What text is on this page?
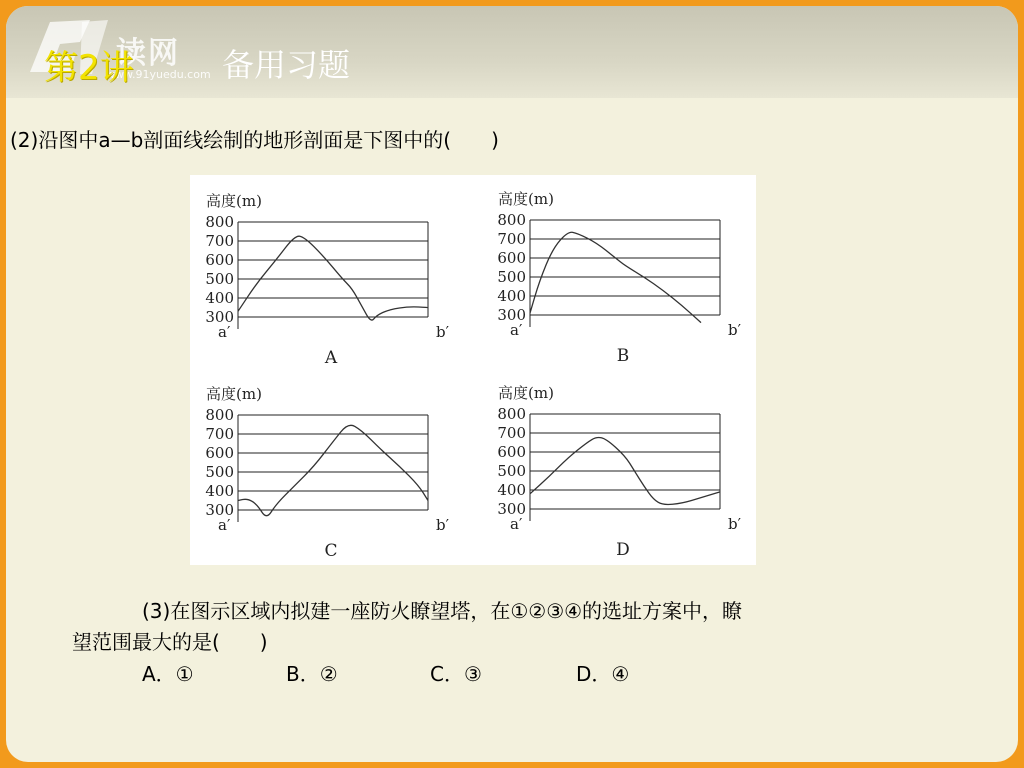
读网
www.91yuedu.com
第2讲	备用习题
(2)沿图中a—b剖面线绘制的地形剖面是下图中的(　　)
高度(m)
300
400
500
600
700
800
a′	b′
A
高度(m)
300
400
500
600
700
800
a′	b′
B
高度(m)
300
400
500
600
700
800
a′	b′
C
高度(m)
300
400
500
600
700
800
a′	b′
D
(3)在图示区域内拟建一座防火瞭望塔，在①②③④的选址方案中，瞭
望范围最大的是(　　)
A．①	B．②	C．③	D．④
